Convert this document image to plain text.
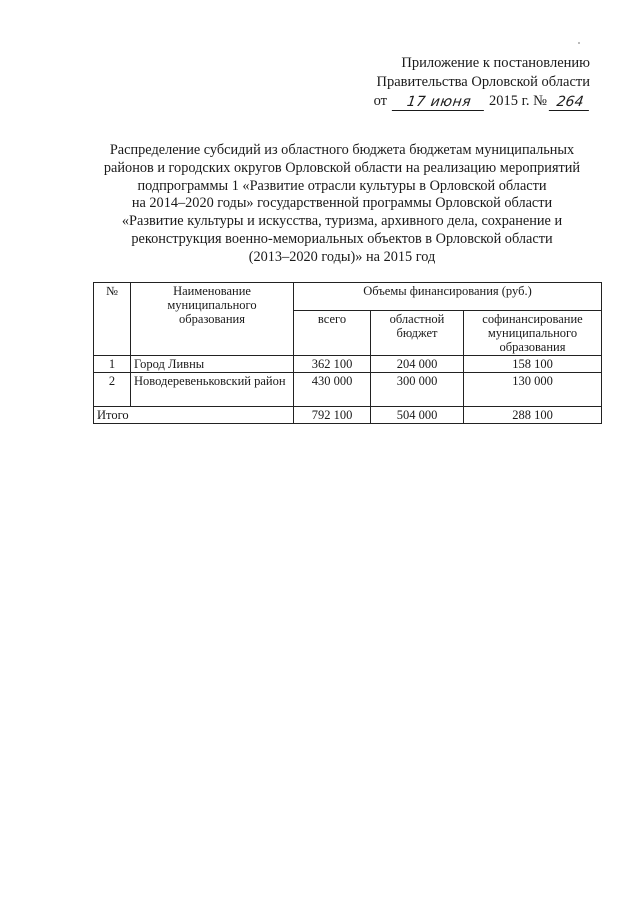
Приложение к постановлению
Правительства Орловской области
от	17 июня	2015 г. № 264
Распределение субсидий из областного бюджета бюджетам муниципальных
районов и городских округов Орловской области на реализацию мероприятий
подпрограммы 1 «Развитие отрасли культуры в Орловской области
на 2014–2020 годы» государственной программы Орловской области
«Развитие культуры и искусства, туризма, архивного дела, сохранение и
реконструкция военно-мемориальных объектов в Орловской области
(2013–2020 годы)» на 2015 год
№	Наименование муниципального образования	Объемы финансирования (руб.)		
		всего	областной бюджет	софинансирование муниципального образования
1	Город Ливны	362 100	204 000	158 100
2	Новодеревеньковский район	430 000	300 000	130 000
Итого		792 100	504 000	288 100
